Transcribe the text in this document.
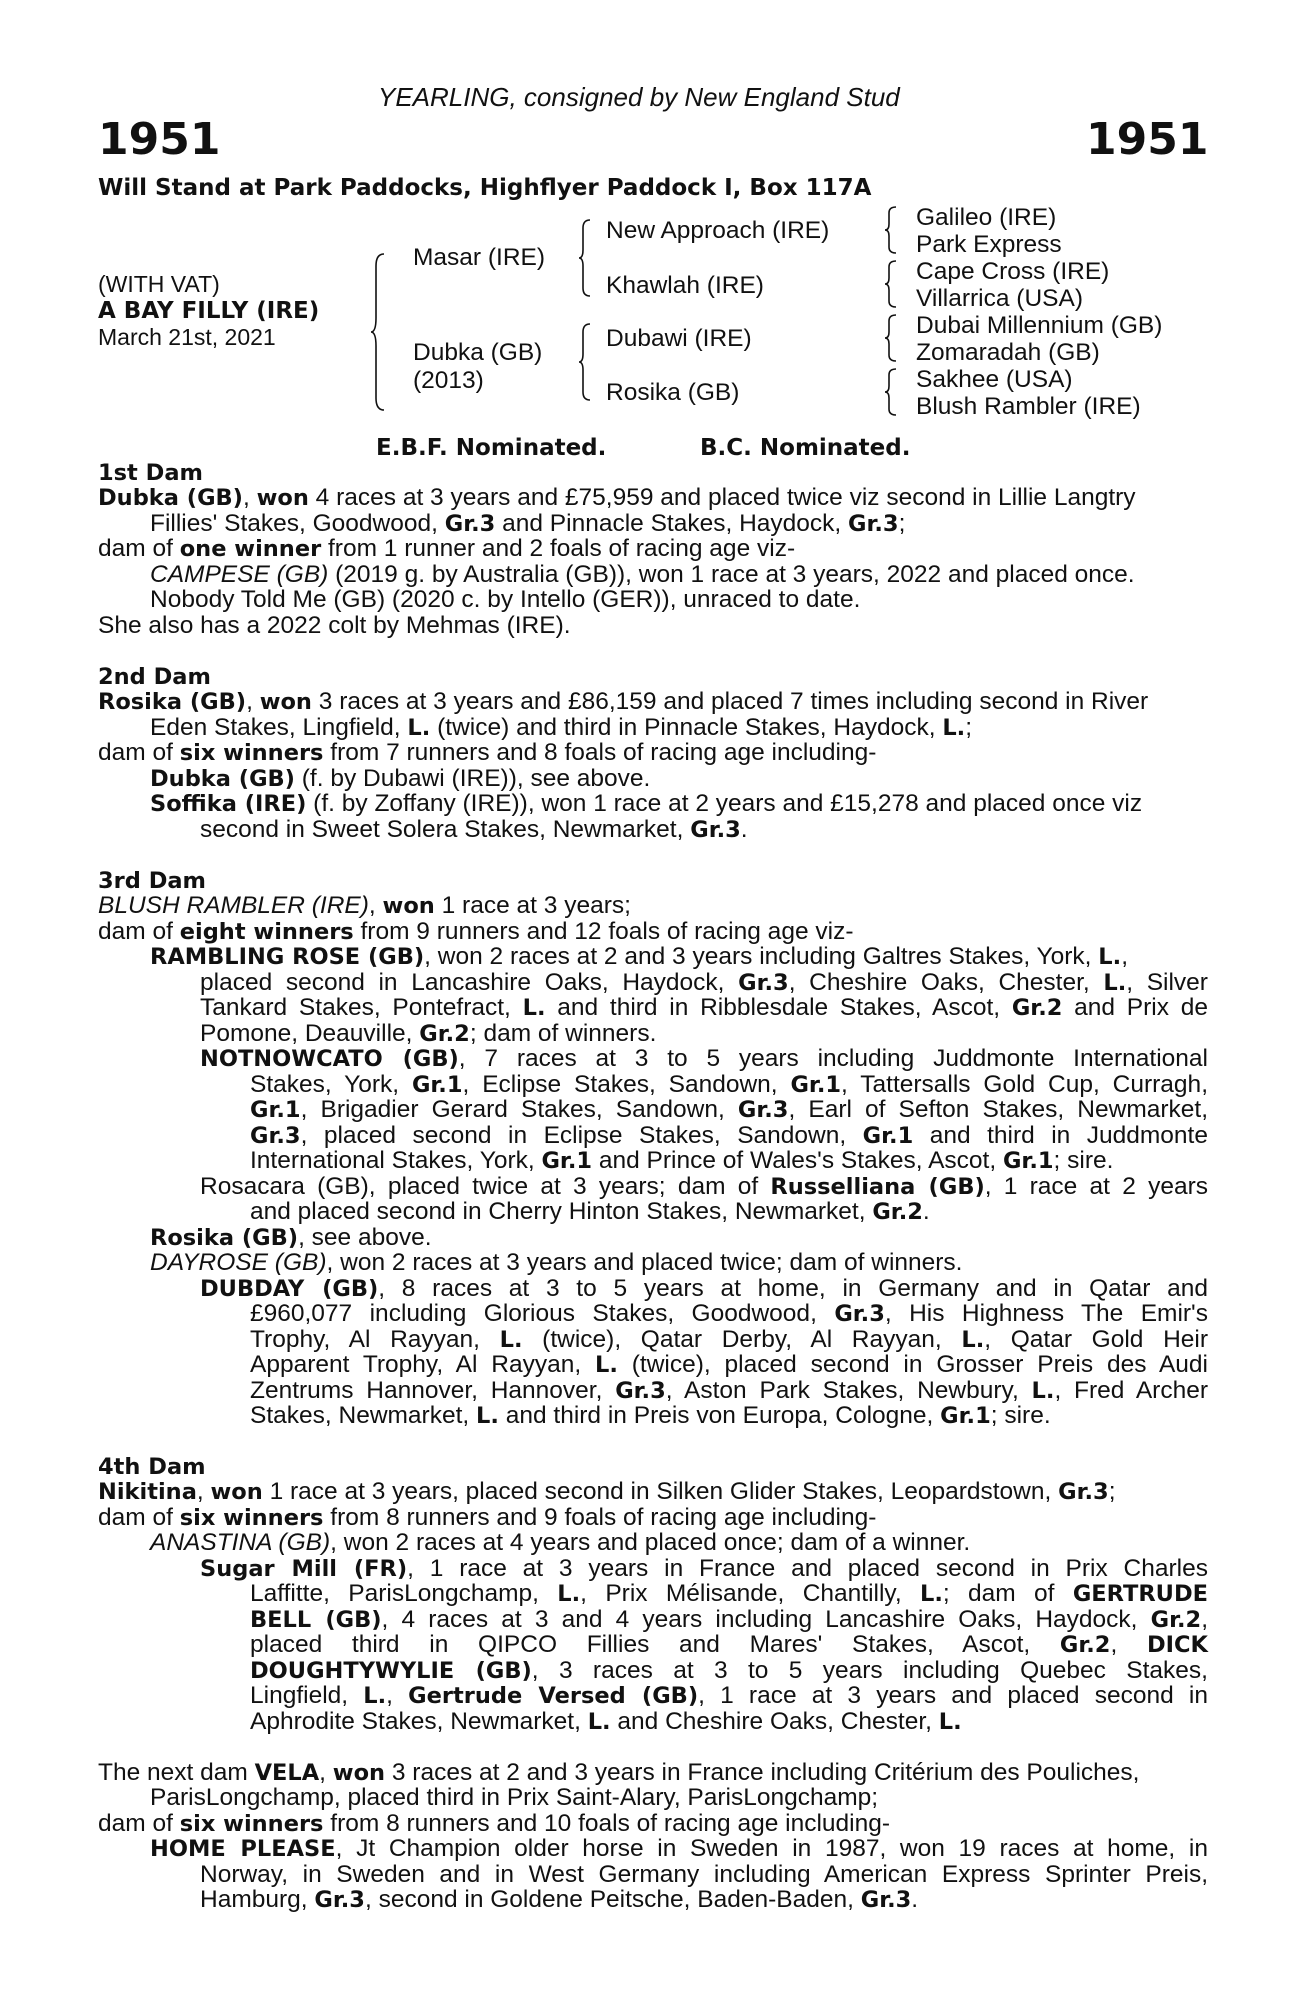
YEARLING, consigned by New England Stud
1951	1951
Will Stand at Park Paddocks, Highflyer Paddock I, Box 117A
(WITH VAT)
A BAY FILLY (IRE)
March 21st, 2021
Masar (IRE)
Dubka (GB)
(2013)
New Approach (IRE)
Khawlah (IRE)
Dubawi (IRE)
Rosika (GB)
Galileo (IRE)
Park Express
Cape Cross (IRE)
Villarrica (USA)
Dubai Millennium (GB)
Zomaradah (GB)
Sakhee (USA)
Blush Rambler (IRE)
E.B.F. Nominated.	B.C. Nominated.
1st Dam
Dubka (GB), won 4 races at 3 years and £75,959 and placed twice viz second in Lillie Langtry
Fillies' Stakes, Goodwood, Gr.3 and Pinnacle Stakes, Haydock, Gr.3;
dam of one winner from 1 runner and 2 foals of racing age viz-
CAMPESE (GB) (2019 g. by Australia (GB)), won 1 race at 3 years, 2022 and placed once.
Nobody Told Me (GB) (2020 c. by Intello (GER)), unraced to date.
She also has a 2022 colt by Mehmas (IRE).
2nd Dam
Rosika (GB), won 3 races at 3 years and £86,159 and placed 7 times including second in River
Eden Stakes, Lingfield, L. (twice) and third in Pinnacle Stakes, Haydock, L.;
dam of six winners from 7 runners and 8 foals of racing age including-
Dubka (GB) (f. by Dubawi (IRE)), see above.
Soffika (IRE) (f. by Zoffany (IRE)), won 1 race at 2 years and £15,278 and placed once viz
second in Sweet Solera Stakes, Newmarket, Gr.3.
3rd Dam
BLUSH RAMBLER (IRE), won 1 race at 3 years;
dam of eight winners from 9 runners and 12 foals of racing age viz-
RAMBLING ROSE (GB), won 2 races at 2 and 3 years including Galtres Stakes, York, L.,
placed second in Lancashire Oaks, Haydock, Gr.3, Cheshire Oaks, Chester, L., Silver
Tankard Stakes, Pontefract, L. and third in Ribblesdale Stakes, Ascot, Gr.2 and Prix de
Pomone, Deauville, Gr.2; dam of winners.
NOTNOWCATO (GB), 7 races at 3 to 5 years including Juddmonte International
Stakes, York, Gr.1, Eclipse Stakes, Sandown, Gr.1, Tattersalls Gold Cup, Curragh,
Gr.1, Brigadier Gerard Stakes, Sandown, Gr.3, Earl of Sefton Stakes, Newmarket,
Gr.3, placed second in Eclipse Stakes, Sandown, Gr.1 and third in Juddmonte
International Stakes, York, Gr.1 and Prince of Wales's Stakes, Ascot, Gr.1; sire.
Rosacara (GB), placed twice at 3 years; dam of Russelliana (GB), 1 race at 2 years
and placed second in Cherry Hinton Stakes, Newmarket, Gr.2.
Rosika (GB), see above.
DAYROSE (GB), won 2 races at 3 years and placed twice; dam of winners.
DUBDAY (GB), 8 races at 3 to 5 years at home, in Germany and in Qatar and
£960,077 including Glorious Stakes, Goodwood, Gr.3, His Highness The Emir's
Trophy, Al Rayyan, L. (twice), Qatar Derby, Al Rayyan, L., Qatar Gold Heir
Apparent Trophy, Al Rayyan, L. (twice), placed second in Grosser Preis des Audi
Zentrums Hannover, Hannover, Gr.3, Aston Park Stakes, Newbury, L., Fred Archer
Stakes, Newmarket, L. and third in Preis von Europa, Cologne, Gr.1; sire.
4th Dam
Nikitina, won 1 race at 3 years, placed second in Silken Glider Stakes, Leopardstown, Gr.3;
dam of six winners from 8 runners and 9 foals of racing age including-
ANASTINA (GB), won 2 races at 4 years and placed once; dam of a winner.
Sugar Mill (FR), 1 race at 3 years in France and placed second in Prix Charles
Laffitte, ParisLongchamp, L., Prix Mélisande, Chantilly, L.; dam of GERTRUDE
BELL (GB), 4 races at 3 and 4 years including Lancashire Oaks, Haydock, Gr.2,
placed third in QIPCO Fillies and Mares' Stakes, Ascot, Gr.2, DICK
DOUGHTYWYLIE (GB), 3 races at 3 to 5 years including Quebec Stakes,
Lingfield, L., Gertrude Versed (GB), 1 race at 3 years and placed second in
Aphrodite Stakes, Newmarket, L. and Cheshire Oaks, Chester, L.
The next dam VELA, won 3 races at 2 and 3 years in France including Critérium des Pouliches,
ParisLongchamp, placed third in Prix Saint-Alary, ParisLongchamp;
dam of six winners from 8 runners and 10 foals of racing age including-
HOME PLEASE, Jt Champion older horse in Sweden in 1987, won 19 races at home, in
Norway, in Sweden and in West Germany including American Express Sprinter Preis,
Hamburg, Gr.3, second in Goldene Peitsche, Baden-Baden, Gr.3.
